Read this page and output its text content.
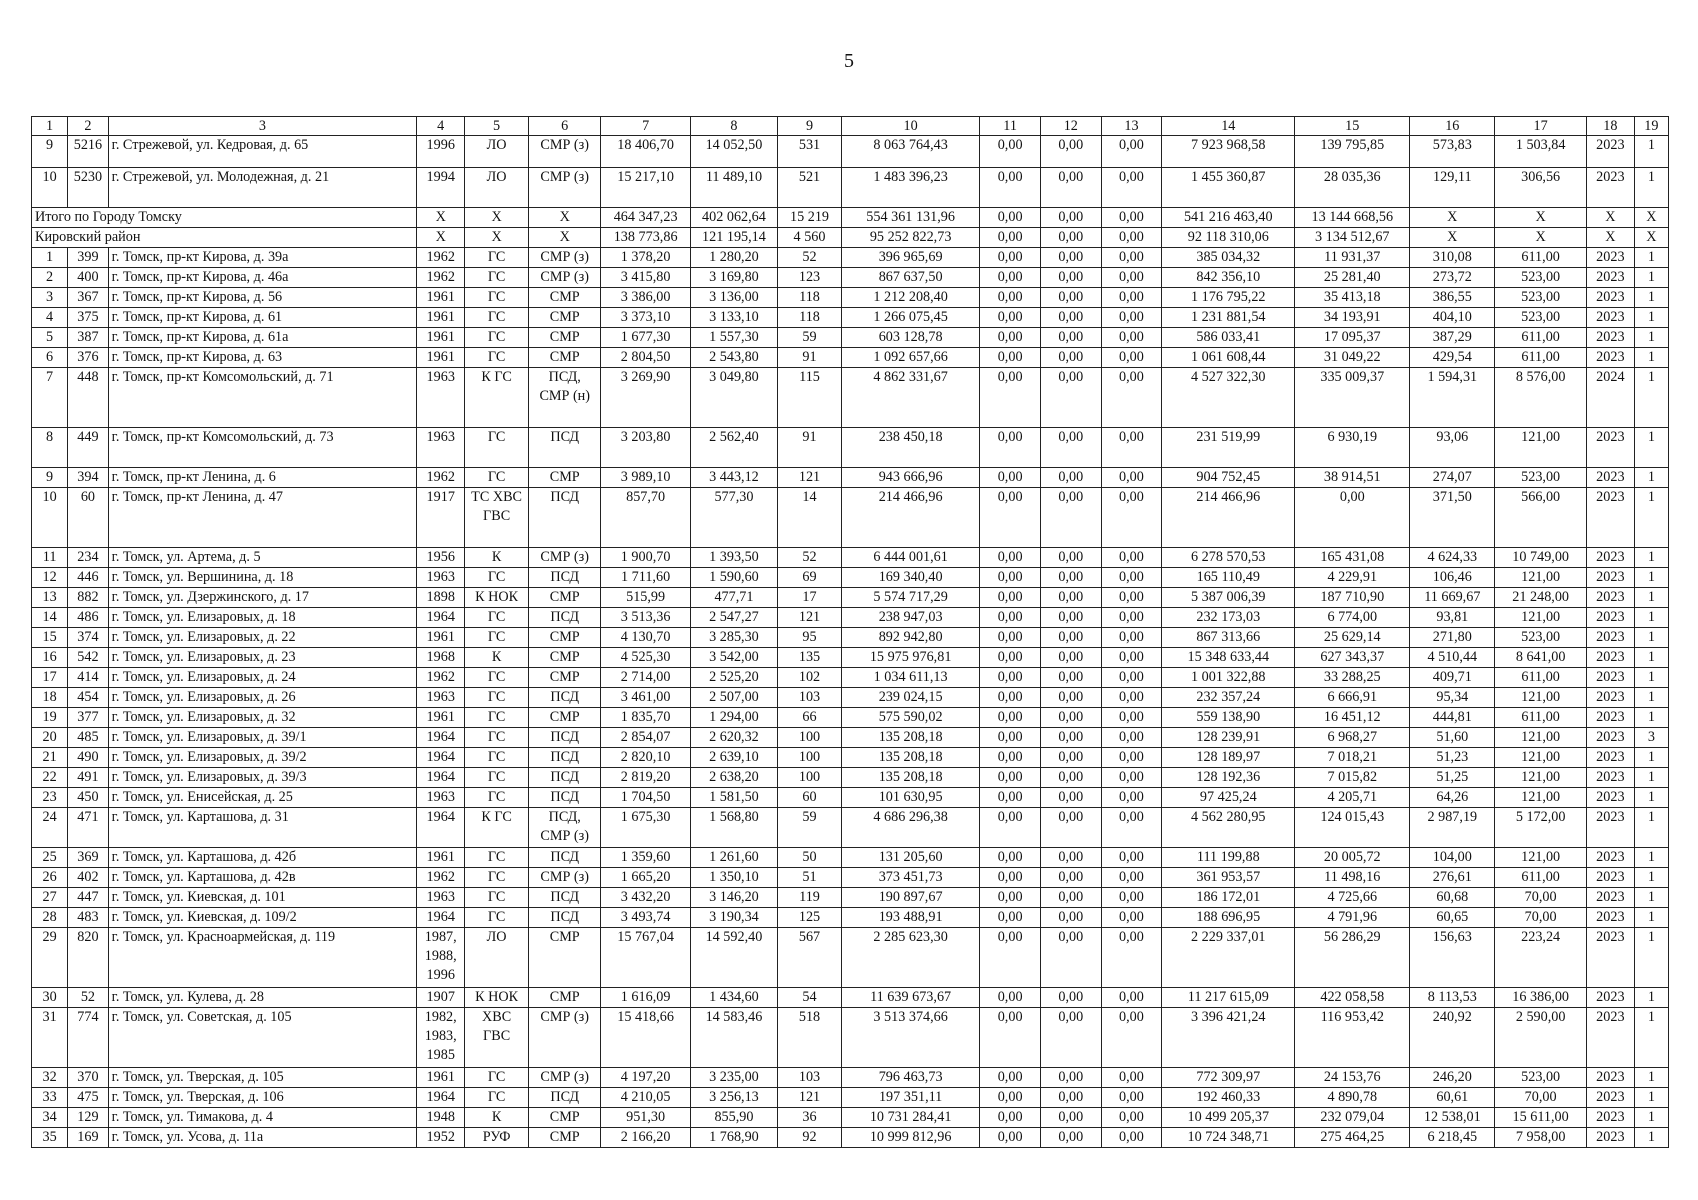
5
1	2	3	4	5	6	7	8	9	10	11	12	13	14	15	16	17	18	19
9	5216	г. Стрежевой, ул. Кедровая, д. 65	1996	ЛО	СМР (з)	18 406,70	14 052,50	531	8 063 764,43	0,00	0,00	0,00	7 923 968,58	139 795,85	573,83	1 503,84	2023	1
10	5230	г. Стрежевой, ул. Молодежная, д. 21	1994	ЛО	СМР (з)	15 217,10	11 489,10	521	1 483 396,23	0,00	0,00	0,00	1 455 360,87	28 035,36	129,11	306,56	2023	1
Итого по Городу Томску			Х	Х	Х	464 347,23	402 062,64	15 219	554 361 131,96	0,00	0,00	0,00	541 216 463,40	13 144 668,56	Х	Х	Х	Х
Кировский район			Х	Х	Х	138 773,86	121 195,14	4 560	95 252 822,73	0,00	0,00	0,00	92 118 310,06	3 134 512,67	Х	Х	Х	Х
1	399	г. Томск, пр-кт Кирова, д. 39а	1962	ГС	СМР (з)	1 378,20	1 280,20	52	396 965,69	0,00	0,00	0,00	385 034,32	11 931,37	310,08	611,00	2023	1
2	400	г. Томск, пр-кт Кирова, д. 46а	1962	ГС	СМР (з)	3 415,80	3 169,80	123	867 637,50	0,00	0,00	0,00	842 356,10	25 281,40	273,72	523,00	2023	1
3	367	г. Томск, пр-кт Кирова, д. 56	1961	ГС	СМР	3 386,00	3 136,00	118	1 212 208,40	0,00	0,00	0,00	1 176 795,22	35 413,18	386,55	523,00	2023	1
4	375	г. Томск, пр-кт Кирова, д. 61	1961	ГС	СМР	3 373,10	3 133,10	118	1 266 075,45	0,00	0,00	0,00	1 231 881,54	34 193,91	404,10	523,00	2023	1
5	387	г. Томск, пр-кт Кирова, д. 61а	1961	ГС	СМР	1 677,30	1 557,30	59	603 128,78	0,00	0,00	0,00	586 033,41	17 095,37	387,29	611,00	2023	1
6	376	г. Томск, пр-кт Кирова, д. 63	1961	ГС	СМР	2 804,50	2 543,80	91	1 092 657,66	0,00	0,00	0,00	1 061 608,44	31 049,22	429,54	611,00	2023	1
7	448	г. Томск, пр-кт Комсомольский, д. 71	1963	К ГС	ПСД, СМР (н)	3 269,90	3 049,80	115	4 862 331,67	0,00	0,00	0,00	4 527 322,30	335 009,37	1 594,31	8 576,00	2024	1
8	449	г. Томск, пр-кт Комсомольский, д. 73	1963	ГС	ПСД	3 203,80	2 562,40	91	238 450,18	0,00	0,00	0,00	231 519,99	6 930,19	93,06	121,00	2023	1
9	394	г. Томск, пр-кт Ленина, д. 6	1962	ГС	СМР	3 989,10	3 443,12	121	943 666,96	0,00	0,00	0,00	904 752,45	38 914,51	274,07	523,00	2023	1
10	60	г. Томск, пр-кт Ленина, д. 47	1917	ТС ХВС ГВС	ПСД	857,70	577,30	14	214 466,96	0,00	0,00	0,00	214 466,96	0,00	371,50	566,00	2023	1
11	234	г. Томск, ул. Артема, д. 5	1956	К	СМР (з)	1 900,70	1 393,50	52	6 444 001,61	0,00	0,00	0,00	6 278 570,53	165 431,08	4 624,33	10 749,00	2023	1
12	446	г. Томск, ул. Вершинина, д. 18	1963	ГС	ПСД	1 711,60	1 590,60	69	169 340,40	0,00	0,00	0,00	165 110,49	4 229,91	106,46	121,00	2023	1
13	882	г. Томск, ул. Дзержинского, д. 17	1898	К НОК	СМР	515,99	477,71	17	5 574 717,29	0,00	0,00	0,00	5 387 006,39	187 710,90	11 669,67	21 248,00	2023	1
14	486	г. Томск, ул. Елизаровых, д. 18	1964	ГС	ПСД	3 513,36	2 547,27	121	238 947,03	0,00	0,00	0,00	232 173,03	6 774,00	93,81	121,00	2023	1
15	374	г. Томск, ул. Елизаровых, д. 22	1961	ГС	СМР	4 130,70	3 285,30	95	892 942,80	0,00	0,00	0,00	867 313,66	25 629,14	271,80	523,00	2023	1
16	542	г. Томск, ул. Елизаровых, д. 23	1968	К	СМР	4 525,30	3 542,00	135	15 975 976,81	0,00	0,00	0,00	15 348 633,44	627 343,37	4 510,44	8 641,00	2023	1
17	414	г. Томск, ул. Елизаровых, д. 24	1962	ГС	СМР	2 714,00	2 525,20	102	1 034 611,13	0,00	0,00	0,00	1 001 322,88	33 288,25	409,71	611,00	2023	1
18	454	г. Томск, ул. Елизаровых, д. 26	1963	ГС	ПСД	3 461,00	2 507,00	103	239 024,15	0,00	0,00	0,00	232 357,24	6 666,91	95,34	121,00	2023	1
19	377	г. Томск, ул. Елизаровых, д. 32	1961	ГС	СМР	1 835,70	1 294,00	66	575 590,02	0,00	0,00	0,00	559 138,90	16 451,12	444,81	611,00	2023	1
20	485	г. Томск, ул. Елизаровых, д. 39/1	1964	ГС	ПСД	2 854,07	2 620,32	100	135 208,18	0,00	0,00	0,00	128 239,91	6 968,27	51,60	121,00	2023	3
21	490	г. Томск, ул. Елизаровых, д. 39/2	1964	ГС	ПСД	2 820,10	2 639,10	100	135 208,18	0,00	0,00	0,00	128 189,97	7 018,21	51,23	121,00	2023	1
22	491	г. Томск, ул. Елизаровых, д. 39/3	1964	ГС	ПСД	2 819,20	2 638,20	100	135 208,18	0,00	0,00	0,00	128 192,36	7 015,82	51,25	121,00	2023	1
23	450	г. Томск, ул. Енисейская, д. 25	1963	ГС	ПСД	1 704,50	1 581,50	60	101 630,95	0,00	0,00	0,00	97 425,24	4 205,71	64,26	121,00	2023	1
24	471	г. Томск, ул. Карташова, д. 31	1964	К ГС	ПСД, СМР (з)	1 675,30	1 568,80	59	4 686 296,38	0,00	0,00	0,00	4 562 280,95	124 015,43	2 987,19	5 172,00	2023	1
25	369	г. Томск, ул. Карташова, д. 42б	1961	ГС	ПСД	1 359,60	1 261,60	50	131 205,60	0,00	0,00	0,00	111 199,88	20 005,72	104,00	121,00	2023	1
26	402	г. Томск, ул. Карташова, д. 42в	1962	ГС	СМР (з)	1 665,20	1 350,10	51	373 451,73	0,00	0,00	0,00	361 953,57	11 498,16	276,61	611,00	2023	1
27	447	г. Томск, ул. Киевская, д. 101	1963	ГС	ПСД	3 432,20	3 146,20	119	190 897,67	0,00	0,00	0,00	186 172,01	4 725,66	60,68	70,00	2023	1
28	483	г. Томск, ул. Киевская, д. 109/2	1964	ГС	ПСД	3 493,74	3 190,34	125	193 488,91	0,00	0,00	0,00	188 696,95	4 791,96	60,65	70,00	2023	1
29	820	г. Томск, ул. Красноармейская, д. 119	1987, 1988, 1996	ЛО	СМР	15 767,04	14 592,40	567	2 285 623,30	0,00	0,00	0,00	2 229 337,01	56 286,29	156,63	223,24	2023	1
30	52	г. Томск, ул. Кулева, д. 28	1907	К НОК	СМР	1 616,09	1 434,60	54	11 639 673,67	0,00	0,00	0,00	11 217 615,09	422 058,58	8 113,53	16 386,00	2023	1
31	774	г. Томск, ул. Советская, д. 105	1982, 1983, 1985	ХВС ГВС	СМР (з)	15 418,66	14 583,46	518	3 513 374,66	0,00	0,00	0,00	3 396 421,24	116 953,42	240,92	2 590,00	2023	1
32	370	г. Томск, ул. Тверская, д. 105	1961	ГС	СМР (з)	4 197,20	3 235,00	103	796 463,73	0,00	0,00	0,00	772 309,97	24 153,76	246,20	523,00	2023	1
33	475	г. Томск, ул. Тверская, д. 106	1964	ГС	ПСД	4 210,05	3 256,13	121	197 351,11	0,00	0,00	0,00	192 460,33	4 890,78	60,61	70,00	2023	1
34	129	г. Томск, ул. Тимакова, д. 4	1948	К	СМР	951,30	855,90	36	10 731 284,41	0,00	0,00	0,00	10 499 205,37	232 079,04	12 538,01	15 611,00	2023	1
35	169	г. Томск, ул. Усова, д. 11а	1952	РУФ	СМР	2 166,20	1 768,90	92	10 999 812,96	0,00	0,00	0,00	10 724 348,71	275 464,25	6 218,45	7 958,00	2023	1
